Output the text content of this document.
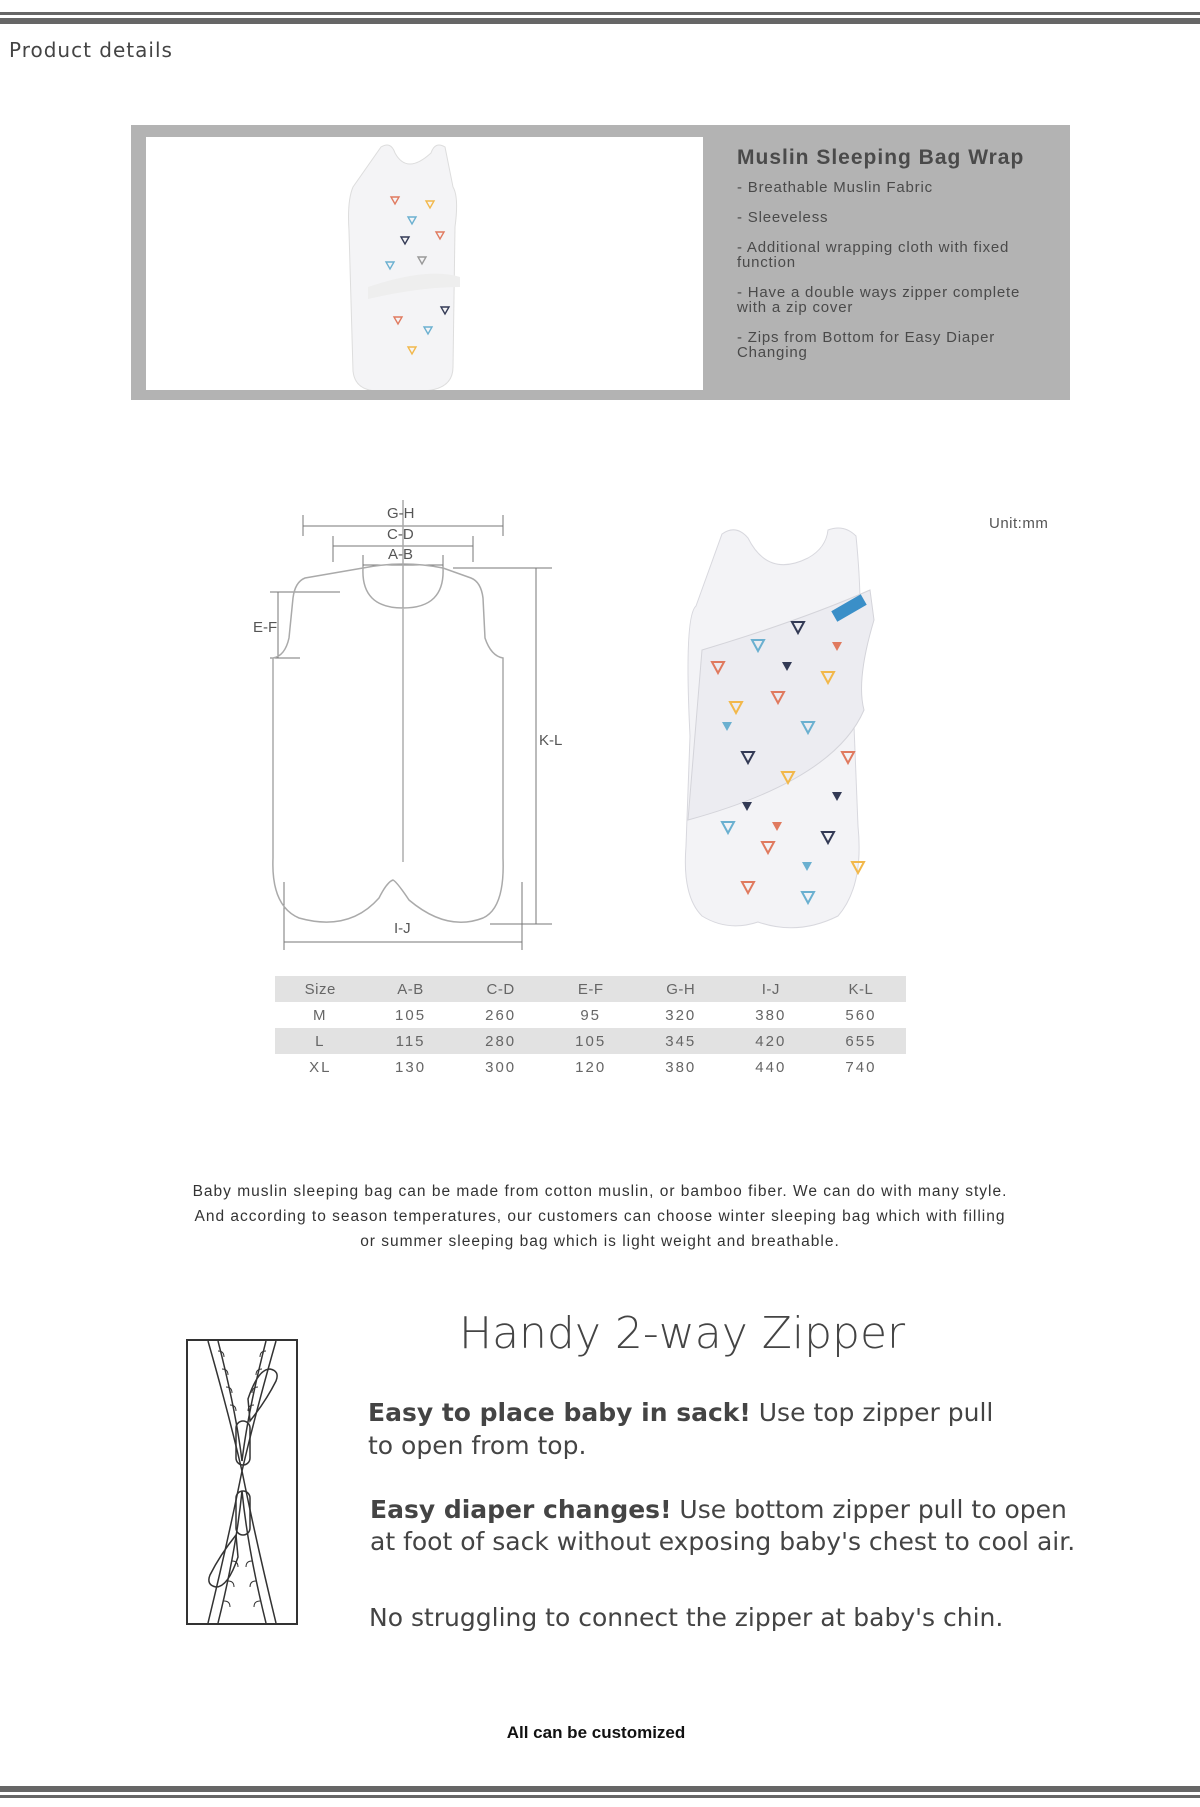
Product details
Muslin Sleeping Bag Wrap
- Breathable Muslin Fabric
- Sleeveless
- Additional wrapping cloth with fixed function
- Have a double ways zipper complete with a zip cover
- Zips from Bottom for Easy Diaper Changing
Unit:mm
G-H
C-D
A-B
E-F
K-L
I-J
Size	A-B	C-D	E-F	G-H	I-J	K-L
M	105	260	95	320	380	560
L	115	280	105	345	420	655
XL	130	300	120	380	440	740
Baby muslin sleeping bag can be made from cotton muslin, or bamboo fiber. We can do with many style.
And according to season temperatures, our customers can choose winter sleeping bag which with filling
or summer sleeping bag which is light weight and breathable.
Handy 2-way Zipper
Easy to place baby in sack! Use top zipper pull
to open from top.
Easy diaper changes! Use bottom zipper pull to open
at foot of sack without exposing baby's chest to cool air.
No struggling to connect the zipper at baby's chin.
All can be customized
